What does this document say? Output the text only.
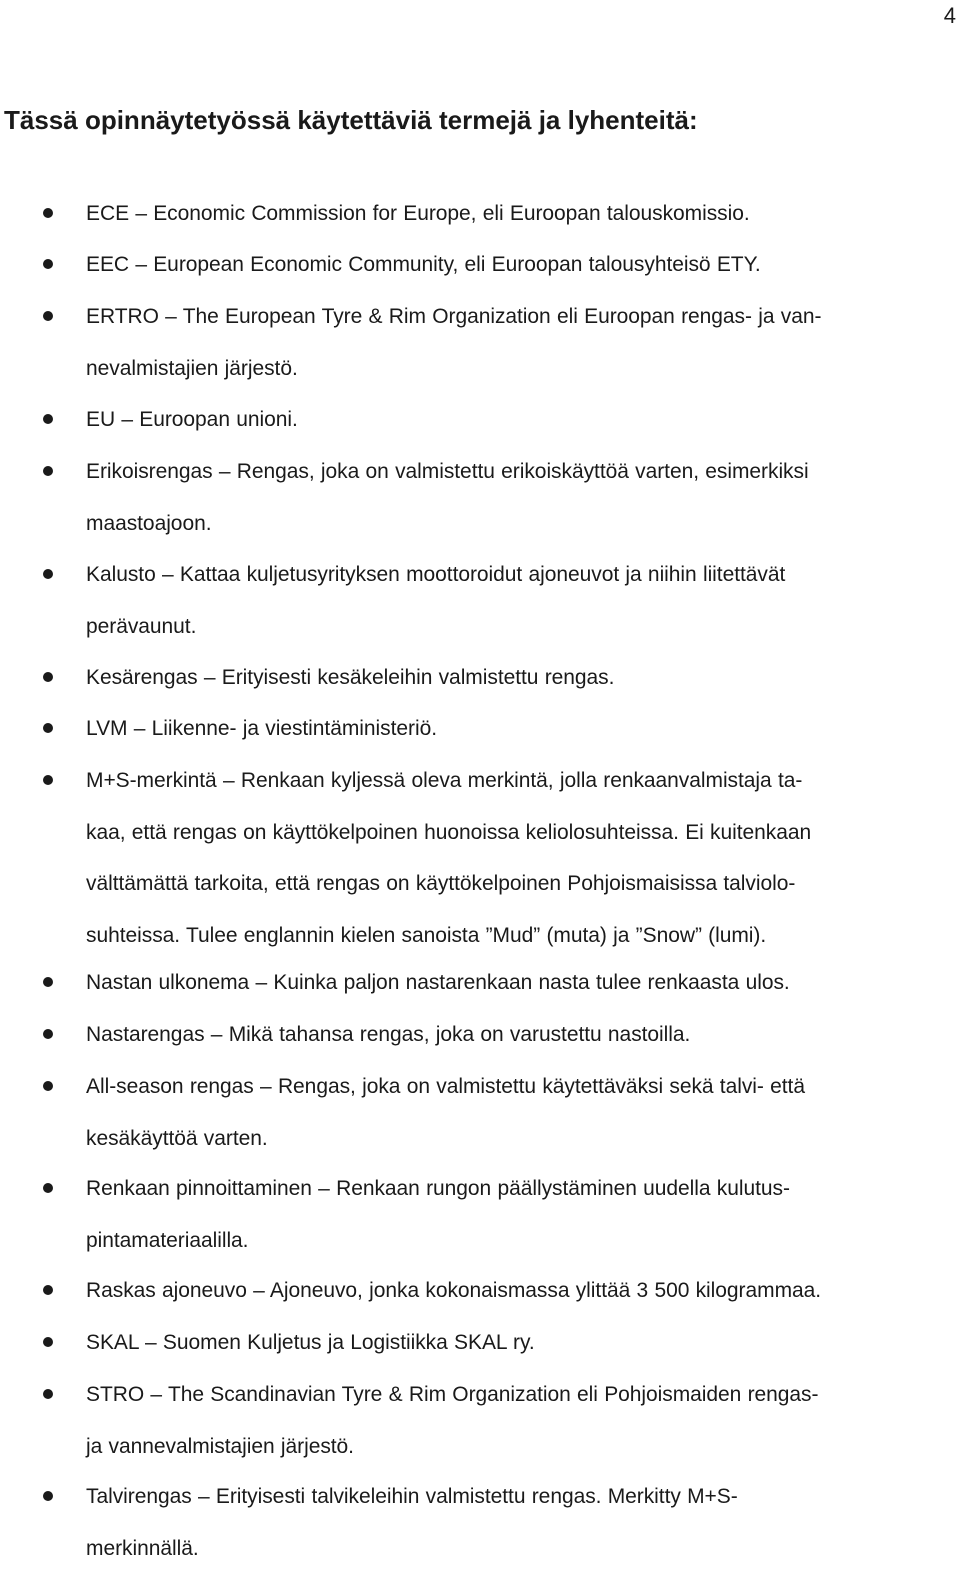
4
Tässä opinnäytetyössä käytettäviä termejä ja lyhenteitä:
ECE – Economic Commission for Europe, eli Euroopan talouskomissio.
EEC – European Economic Community, eli Euroopan talousyhteisö ETY.
ERTRO – The European Tyre & Rim Organization eli Euroopan rengas- ja van-
nevalmistajien järjestö.
EU – Euroopan unioni.
Erikoisrengas – Rengas, joka on valmistettu erikoiskäyttöä varten, esimerkiksi
maastoajoon.
Kalusto – Kattaa kuljetusyrityksen moottoroidut ajoneuvot ja niihin liitettävät
perävaunut.
Kesärengas – Erityisesti kesäkeleihin valmistettu rengas.
LVM – Liikenne- ja viestintäministeriö.
M+S-merkintä – Renkaan kyljessä oleva merkintä, jolla renkaanvalmistaja ta-
kaa, että rengas on käyttökelpoinen huonoissa keliolosuhteissa. Ei kuitenkaan
välttämättä tarkoita, että rengas on käyttökelpoinen Pohjoismaisissa talviolo-
suhteissa. Tulee englannin kielen sanoista ”Mud” (muta) ja ”Snow” (lumi).
Nastan ulkonema – Kuinka paljon nastarenkaan nasta tulee renkaasta ulos.
Nastarengas – Mikä tahansa rengas, joka on varustettu nastoilla.
All-season rengas – Rengas, joka on valmistettu käytettäväksi sekä talvi- että
kesäkäyttöä varten.
Renkaan pinnoittaminen – Renkaan rungon päällystäminen uudella kulutus-
pintamateriaalilla.
Raskas ajoneuvo – Ajoneuvo, jonka kokonaismassa ylittää 3 500 kilogrammaa.
SKAL – Suomen Kuljetus ja Logistiikka SKAL ry.
STRO – The Scandinavian Tyre & Rim Organization eli Pohjoismaiden rengas-
ja vannevalmistajien järjestö.
Talvirengas – Erityisesti talvikeleihin valmistettu rengas. Merkitty M+S-
merkinnällä.
